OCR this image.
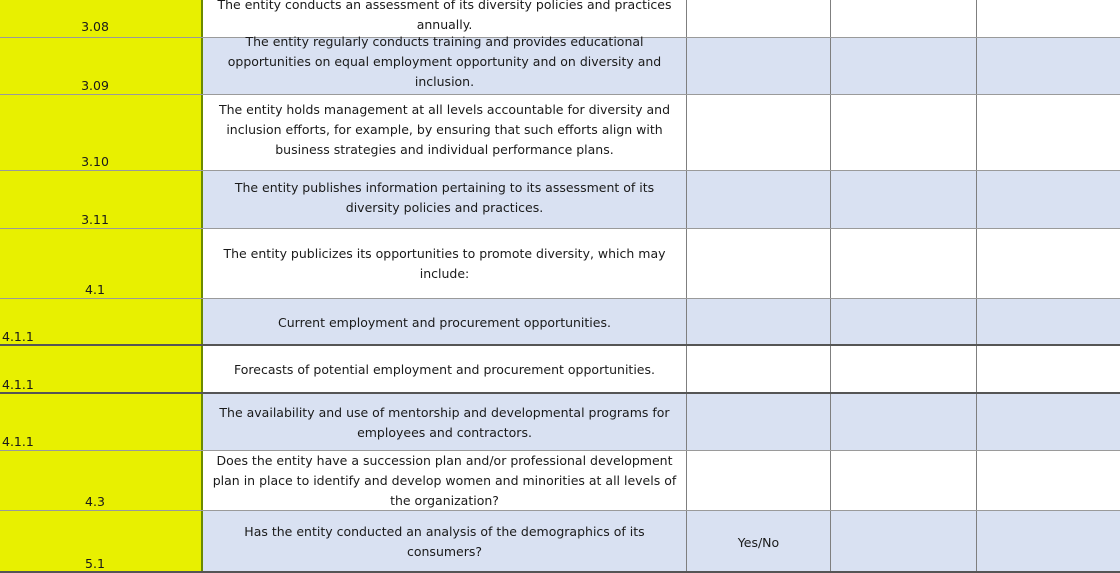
3.08
The entity conducts an assessment of its diversity policies and practices annually.
3.09
The entity regularly conducts training and provides educational opportunities on equal employment opportunity and on diversity and inclusion.
3.10
The entity holds management at all levels accountable for diversity and inclusion efforts, for example, by ensuring that such efforts align with business strategies and individual performance plans.
3.11
The entity publishes information pertaining to its assessment of its diversity policies and practices.
4.1
The entity publicizes its opportunities to promote diversity, which may include:
4.1.1
Current employment and procurement opportunities.
4.1.1
Forecasts of potential employment and procurement opportunities.
4.1.1
The availability and use of mentorship and developmental programs for employees and contractors.
4.3
Does the entity have a succession plan and/or professional development plan in place to identify and develop women and minorities at all levels of the organization?
5.1
Has the entity conducted an analysis of the demographics of its consumers?
Yes/No
